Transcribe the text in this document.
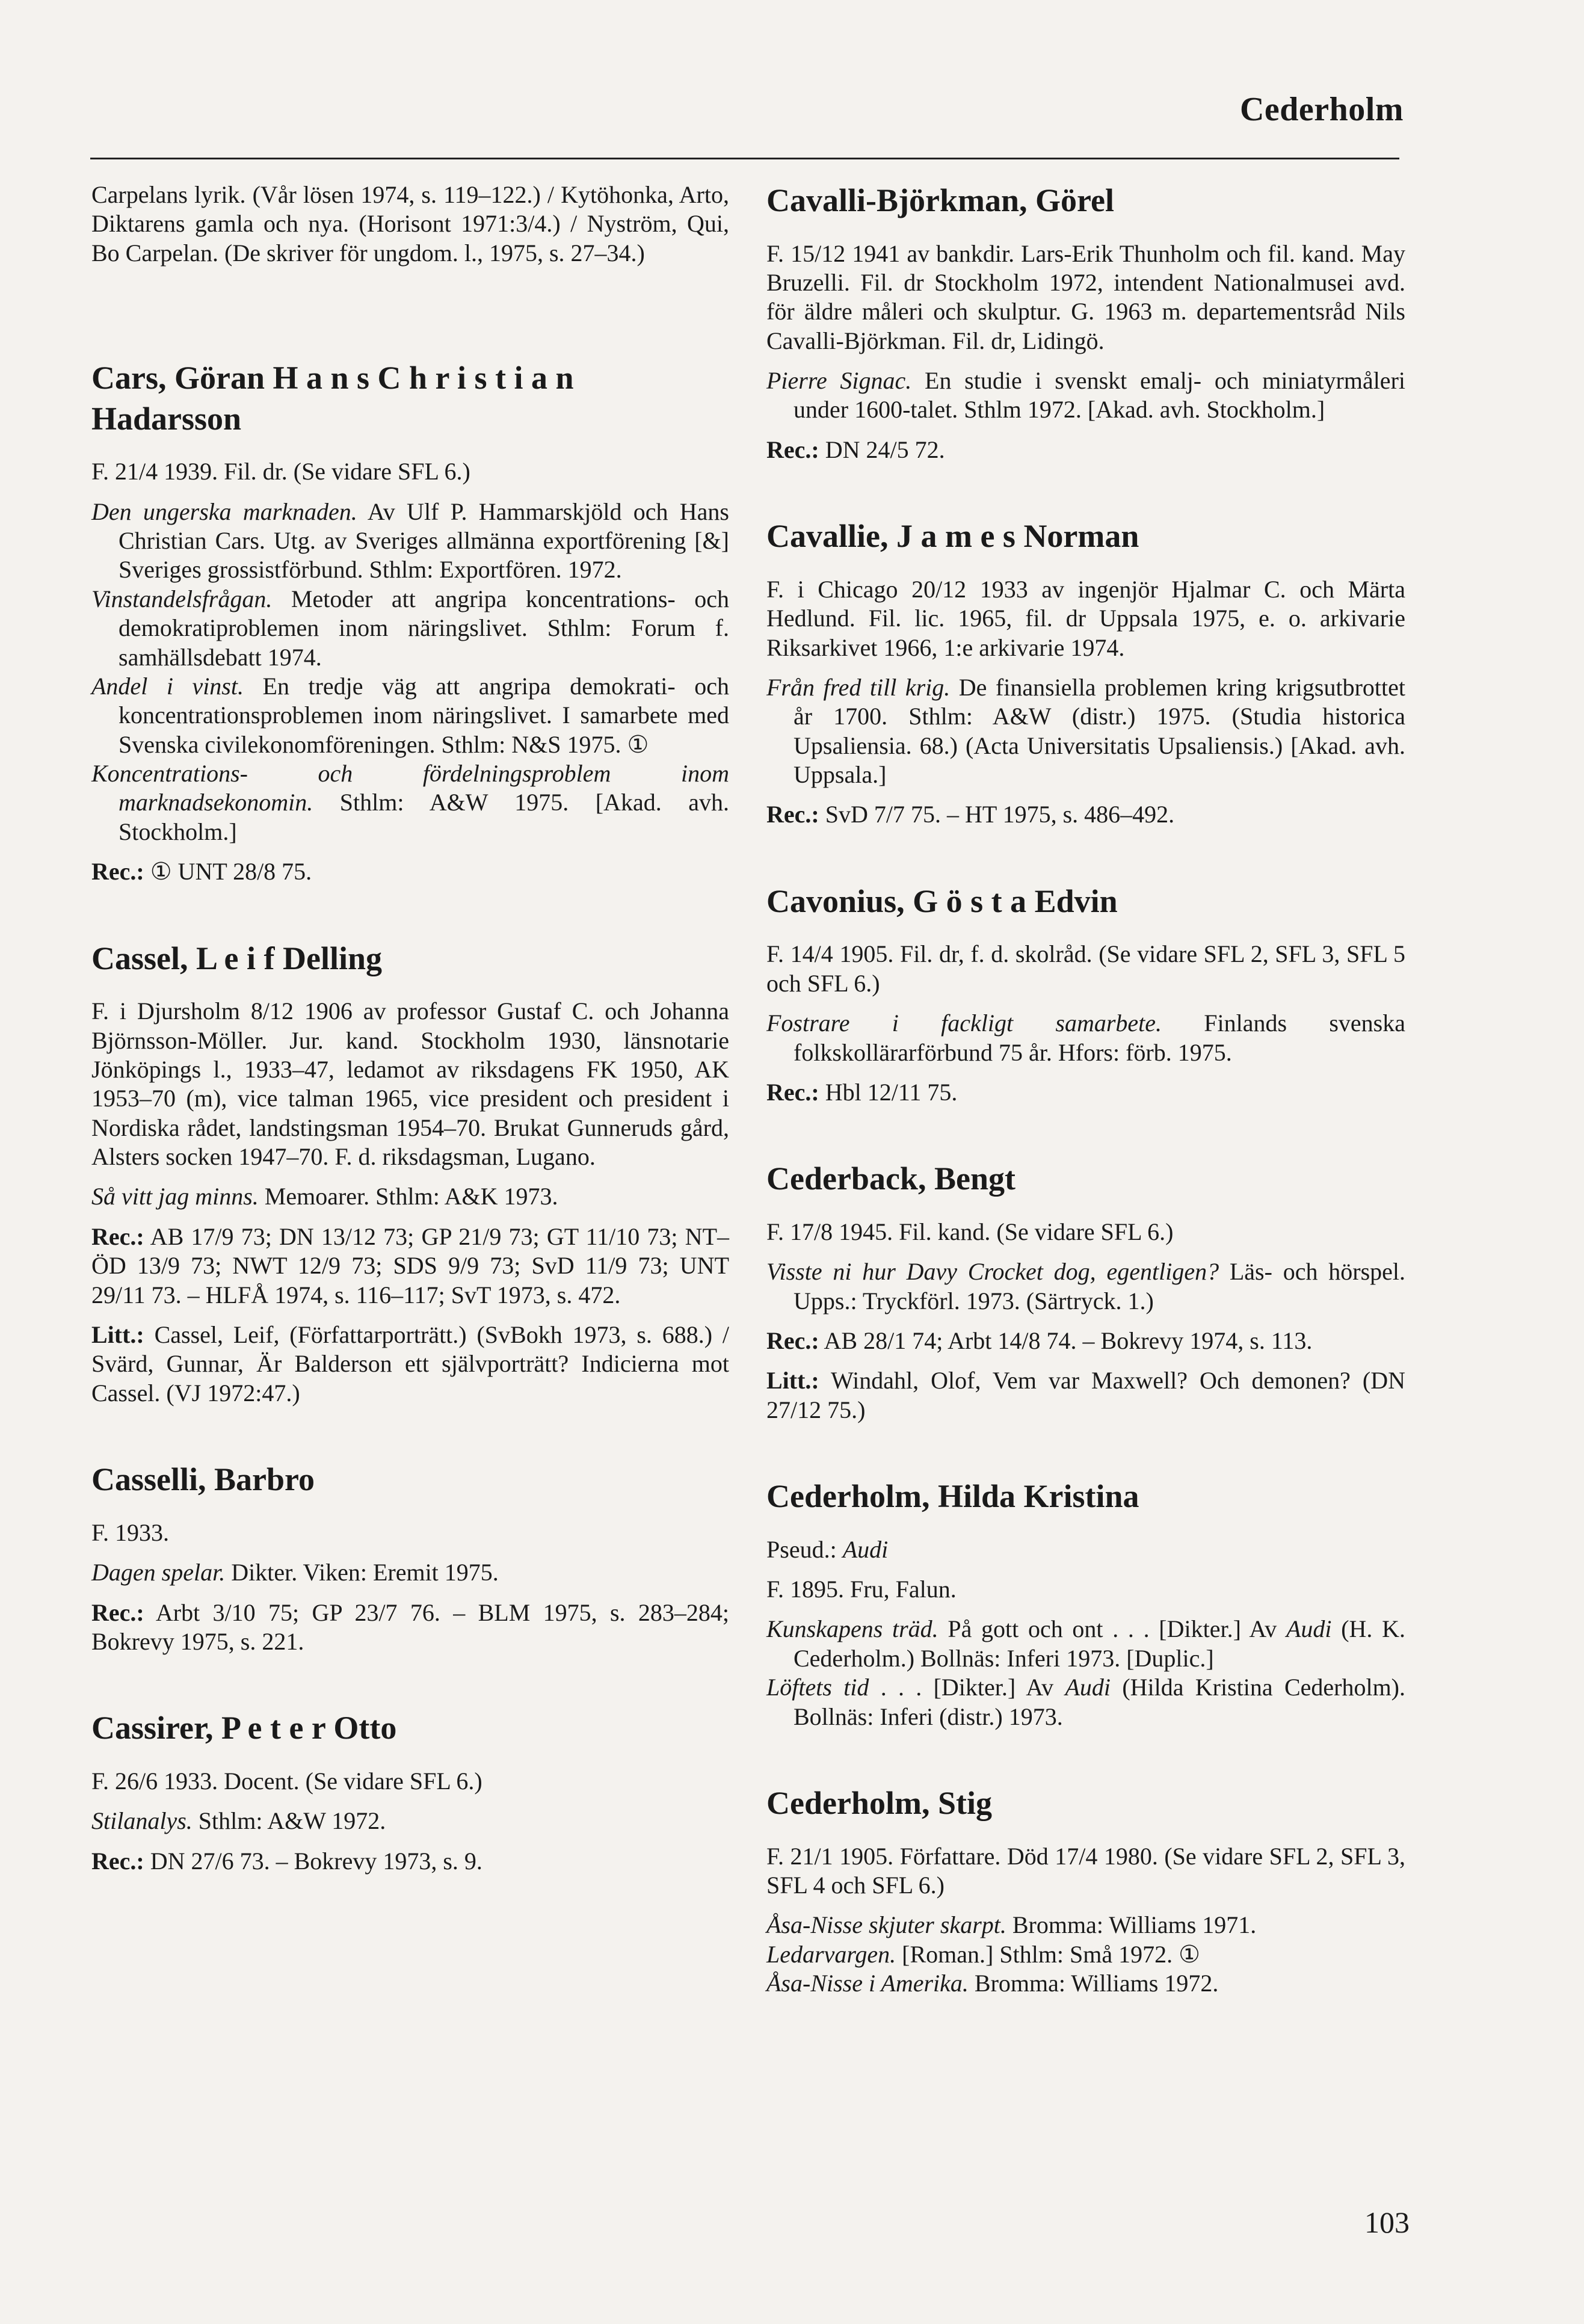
Cederholm

Carpelans lyrik. (Vår lösen 1974, s. 119–122.) / Kytöhonka, Arto, Diktarens gamla och nya. (Horisont 1971:3/4.) / Nyström, Qui, Bo Carpelan. (De skriver för ungdom. l., 1975, s. 27–34.)

Cars, Göran H a n s C h r i s t i a n Hadarsson

F. 21/4 1939. Fil. dr. (Se vidare SFL 6.)

Den ungerska marknaden. Av Ulf P. Hammarskjöld och Hans Christian Cars. Utg. av Sveriges allmänna exportförening [&] Sveriges grossistförbund. Sthlm: Exportfören. 1972.

Vinstandelsfrågan. Metoder att angripa koncentrations- och demokratiproblemen inom näringslivet. Sthlm: Forum f. samhällsdebatt 1974.

Andel i vinst. En tredje väg att angripa demokrati- och koncentrationsproblemen inom näringslivet. I samarbete med Svenska civilekonomföreningen. Sthlm: N&S 1975. ①

Koncentrations- och fördelningsproblem inom marknadsekonomin. Sthlm: A&W 1975. [Akad. avh. Stockholm.]

Rec.: ① UNT 28/8 75.

Cassel, L e i f Delling

F. i Djursholm 8/12 1906 av professor Gustaf C. och Johanna Björnsson-Möller. Jur. kand. Stockholm 1930, länsnotarie Jönköpings l., 1933–47, ledamot av riksdagens FK 1950, AK 1953–70 (m), vice talman 1965, vice president och president i Nordiska rådet, landstingsman 1954–70. Brukat Gunneruds gård, Alsters socken 1947–70. F. d. riksdagsman, Lugano.

Så vitt jag minns. Memoarer. Sthlm: A&K 1973.

Rec.: AB 17/9 73; DN 13/12 73; GP 21/9 73; GT 11/10 73; NT–ÖD 13/9 73; NWT 12/9 73; SDS 9/9 73; SvD 11/9 73; UNT 29/11 73. – HLFÅ 1974, s. 116–117; SvT 1973, s. 472.

Litt.: Cassel, Leif, (Författarporträtt.) (SvBokh 1973, s. 688.) / Svärd, Gunnar, Är Balderson ett självporträtt? Indicierna mot Cassel. (VJ 1972:47.)

Casselli, Barbro

F. 1933.

Dagen spelar. Dikter. Viken: Eremit 1975.

Rec.: Arbt 3/10 75; GP 23/7 76. – BLM 1975, s. 283–284; Bokrevy 1975, s. 221.

Cassirer, P e t e r Otto

F. 26/6 1933. Docent. (Se vidare SFL 6.)

Stilanalys. Sthlm: A&W 1972.

Rec.: DN 27/6 73. – Bokrevy 1973, s. 9.

Cavalli-Björkman, Görel

F. 15/12 1941 av bankdir. Lars-Erik Thunholm och fil. kand. May Bruzelli. Fil. dr Stockholm 1972, intendent Nationalmusei avd. för äldre måleri och skulptur. G. 1963 m. departementsråd Nils Cavalli-Björkman. Fil. dr, Lidingö.

Pierre Signac. En studie i svenskt emalj- och miniatyrmåleri under 1600-talet. Sthlm 1972. [Akad. avh. Stockholm.]

Rec.: DN 24/5 72.

Cavallie, J a m e s Norman

F. i Chicago 20/12 1933 av ingenjör Hjalmar C. och Märta Hedlund. Fil. lic. 1965, fil. dr Uppsala 1975, e. o. arkivarie Riksarkivet 1966, 1:e arkivarie 1974.

Från fred till krig. De finansiella problemen kring krigsutbrottet år 1700. Sthlm: A&W (distr.) 1975. (Studia historica Upsaliensia. 68.) (Acta Universitatis Upsaliensis.) [Akad. avh. Uppsala.]

Rec.: SvD 7/7 75. – HT 1975, s. 486–492.

Cavonius, G ö s t a Edvin

F. 14/4 1905. Fil. dr, f. d. skolråd. (Se vidare SFL 2, SFL 3, SFL 5 och SFL 6.)

Fostrare i fackligt samarbete. Finlands svenska folkskollärarförbund 75 år. Hfors: förb. 1975.

Rec.: Hbl 12/11 75.

Cederback, Bengt

F. 17/8 1945. Fil. kand. (Se vidare SFL 6.)

Visste ni hur Davy Crocket dog, egentligen? Läs- och hörspel. Upps.: Tryckförl. 1973. (Särtryck. 1.)

Rec.: AB 28/1 74; Arbt 14/8 74. – Bokrevy 1974, s. 113.

Litt.: Windahl, Olof, Vem var Maxwell? Och demonen? (DN 27/12 75.)

Cederholm, Hilda Kristina

Pseud.: Audi

F. 1895. Fru, Falun.

Kunskapens träd. På gott och ont . . . [Dikter.] Av Audi (H. K. Cederholm.) Bollnäs: Inferi 1973. [Duplic.]

Löftets tid . . . [Dikter.] Av Audi (Hilda Kristina Cederholm). Bollnäs: Inferi (distr.) 1973.

Cederholm, Stig

F. 21/1 1905. Författare. Död 17/4 1980. (Se vidare SFL 2, SFL 3, SFL 4 och SFL 6.)

Åsa-Nisse skjuter skarpt. Bromma: Williams 1971.

Ledarvargen. [Roman.] Sthlm: Små 1972. ①

Åsa-Nisse i Amerika. Bromma: Williams 1972.

103
